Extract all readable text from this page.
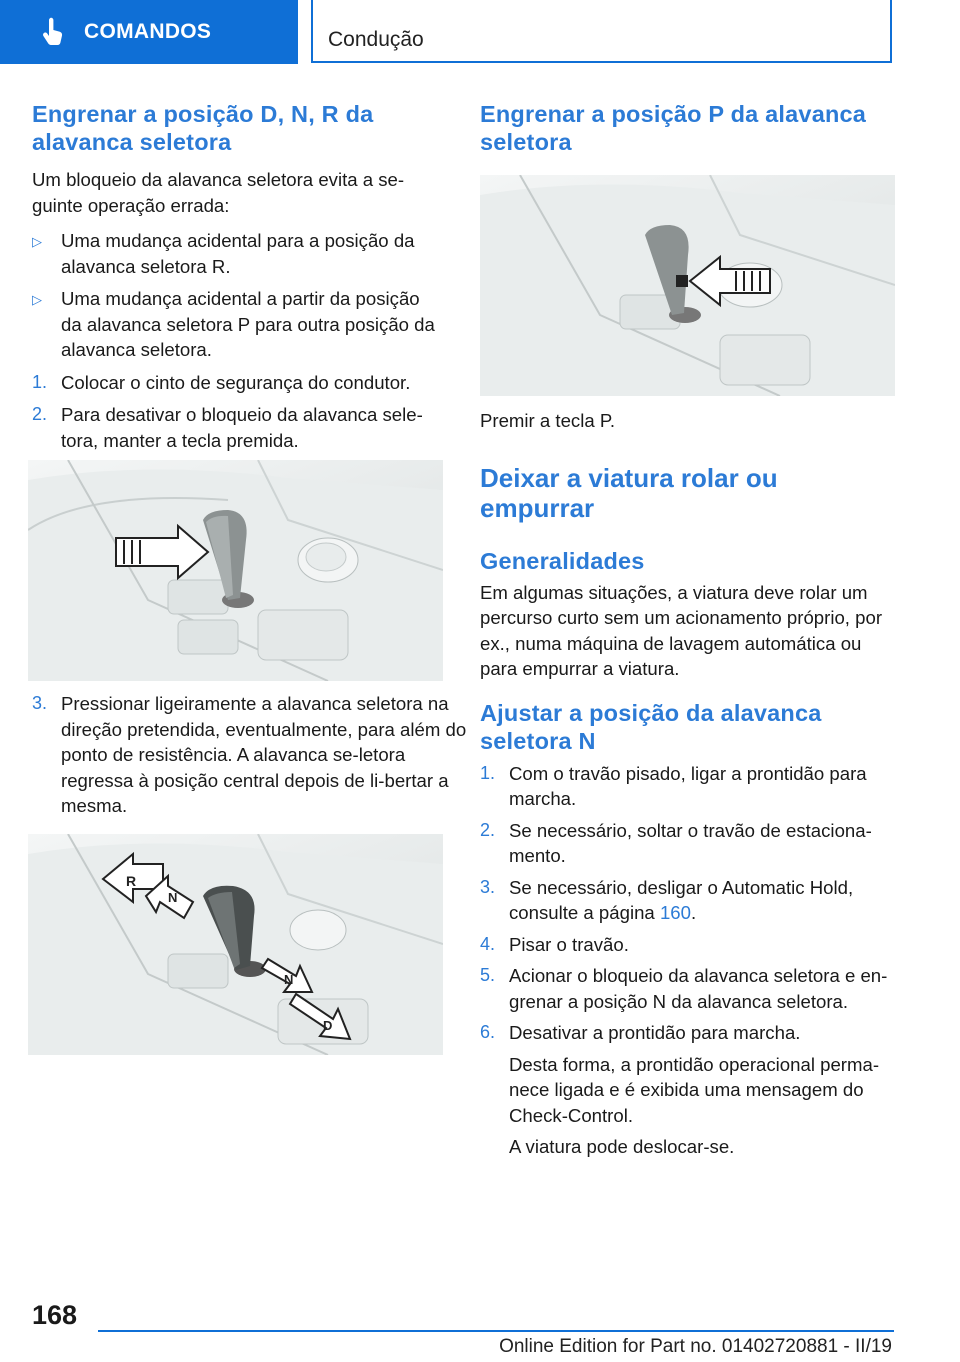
COMANDOS	Condução
Engrenar a posição D, N, R da alavanca seletora

Um bloqueio da alavanca seletora evita a se-guinte operação errada:

▷ Uma mudança acidental para a posição da alavanca seletora R.
▷ Uma mudança acidental a partir da posição da alavanca seletora P para outra posição da alavanca seletora.
1. Colocar o cinto de segurança do condutor.
2. Para desativar o bloqueio da alavanca sele-tora, manter a tecla premida.
3. Pressionar ligeiramente a alavanca seletora na direção pretendida, eventualmente, para além do ponto de resistência. A alavanca se-letora regressa à posição central depois de li-bertar a mesma.
R
N
N
D
Engrenar a posição P da alavanca seletora

Premir a tecla P.

Deixar a viatura rolar ou empurrar
Generalidades

Em algumas situações, a viatura deve rolar um percurso curto sem um acionamento próprio, por ex., numa máquina de lavagem automática ou para empurrar a viatura.

Ajustar a posição da alavanca seletora N
1. Com o travão pisado, ligar a prontidão para marcha.
2. Se necessário, soltar o travão de estaciona-mento.
3. Se necessário, desligar o Automatic Hold, consulte a página 160.
4. Pisar o travão.
5. Acionar o bloqueio da alavanca seletora e en-grenar a posição N da alavanca seletora.
6. Desativar a prontidão para marcha.

Desta forma, a prontidão operacional perma-nece ligada e é exibida uma mensagem do Check-Control.

A viatura pode deslocar-se.

168
Online Edition for Part no. 01402720881 - II/19
